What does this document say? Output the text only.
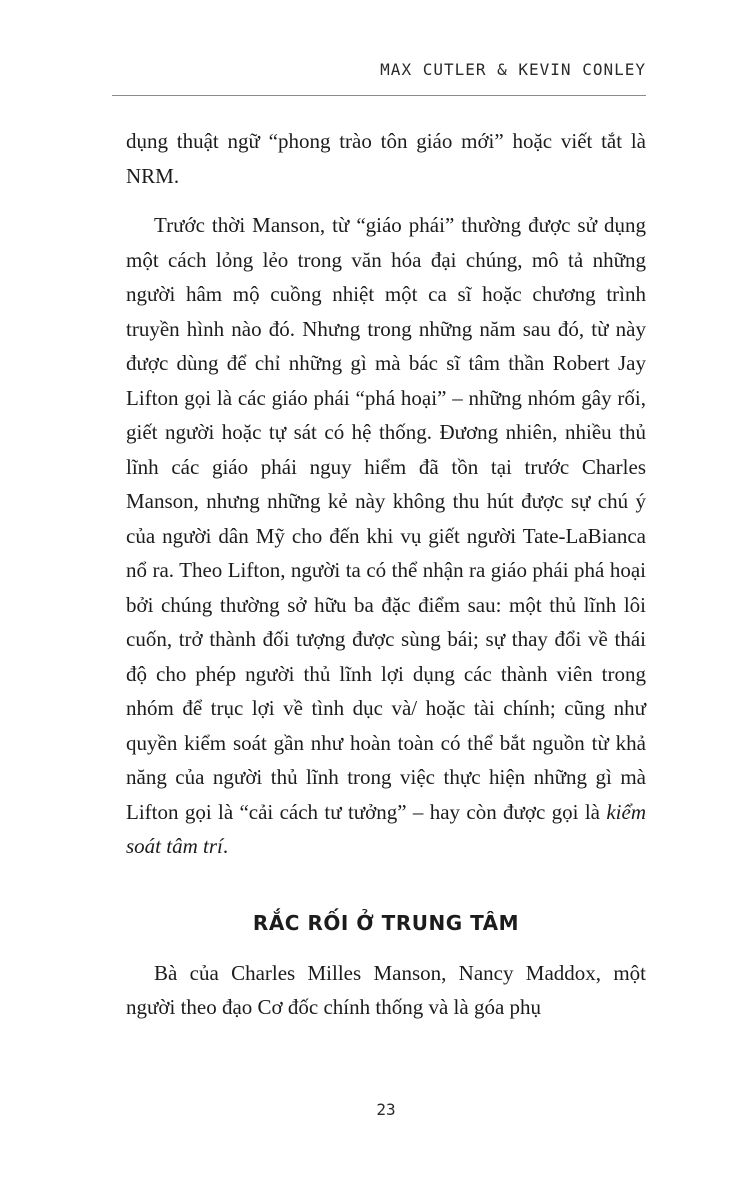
MAX CUTLER & KEVIN CONLEY

dụng thuật ngữ “phong trào tôn giáo mới” hoặc viết tắt là NRM.

Trước thời Manson, từ “giáo phái” thường được sử dụng một cách lỏng lẻo trong văn hóa đại chúng, mô tả những người hâm mộ cuồng nhiệt một ca sĩ hoặc chương trình truyền hình nào đó. Nhưng trong những năm sau đó, từ này được dùng để chỉ những gì mà bác sĩ tâm thần Robert Jay Lifton gọi là các giáo phái “phá hoại” – những nhóm gây rối, giết người hoặc tự sát có hệ thống. Đương nhiên, nhiều thủ lĩnh các giáo phái nguy hiểm đã tồn tại trước Charles Manson, nhưng những kẻ này không thu hút được sự chú ý của người dân Mỹ cho đến khi vụ giết người Tate-LaBianca nổ ra. Theo Lifton, người ta có thể nhận ra giáo phái phá hoại bởi chúng thường sở hữu ba đặc điểm sau: một thủ lĩnh lôi cuốn, trở thành đối tượng được sùng bái; sự thay đổi về thái độ cho phép người thủ lĩnh lợi dụng các thành viên trong nhóm để trục lợi về tình dục và/ hoặc tài chính; cũng như quyền kiểm soát gần như hoàn toàn có thể bắt nguồn từ khả năng của người thủ lĩnh trong việc thực hiện những gì mà Lifton gọi là “cải cách tư tưởng” – hay còn được gọi là kiểm soát tâm trí.

RẮC RỐI Ở TRUNG TÂM

Bà của Charles Milles Manson, Nancy Maddox, một người theo đạo Cơ đốc chính thống và là góa phụ

23
